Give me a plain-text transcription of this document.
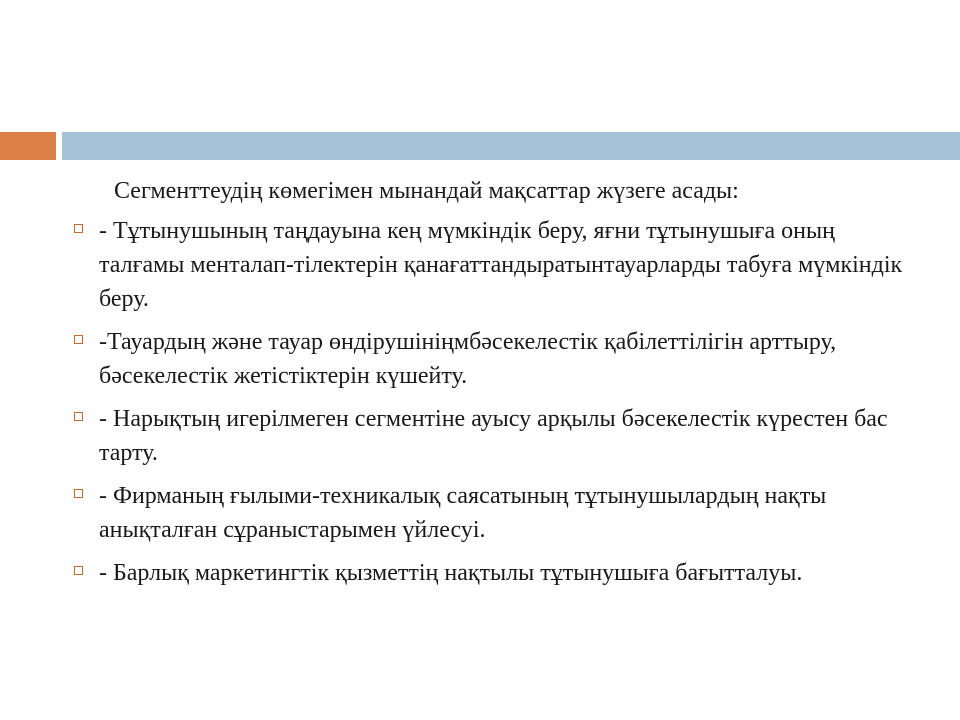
Сегменттеудің көмегімен мынандай мақсаттар жүзеге асады:

- Тұтынушының таңдауына кең мүмкіндік беру, яғни тұтынушыға оның талғамы менталап-тілектерін қанағаттандыратынтауарларды табуға мүмкіндік беру.
-Тауардың және тауар өндірушініңмбәсекелестік қабілеттілігін арттыру, бәсекелестік жетістіктерін күшейту.
- Нарықтың игерілмеген сегментіне ауысу арқылы бәсекелестік күрестен бас тарту.
- Фирманың ғылыми-техникалық саясатының тұтынушылардың нақты анықталған сұраныстарымен үйлесуі.
- Барлық маркетингтік қызметтің нақтылы тұтынушыға бағытталуы.
